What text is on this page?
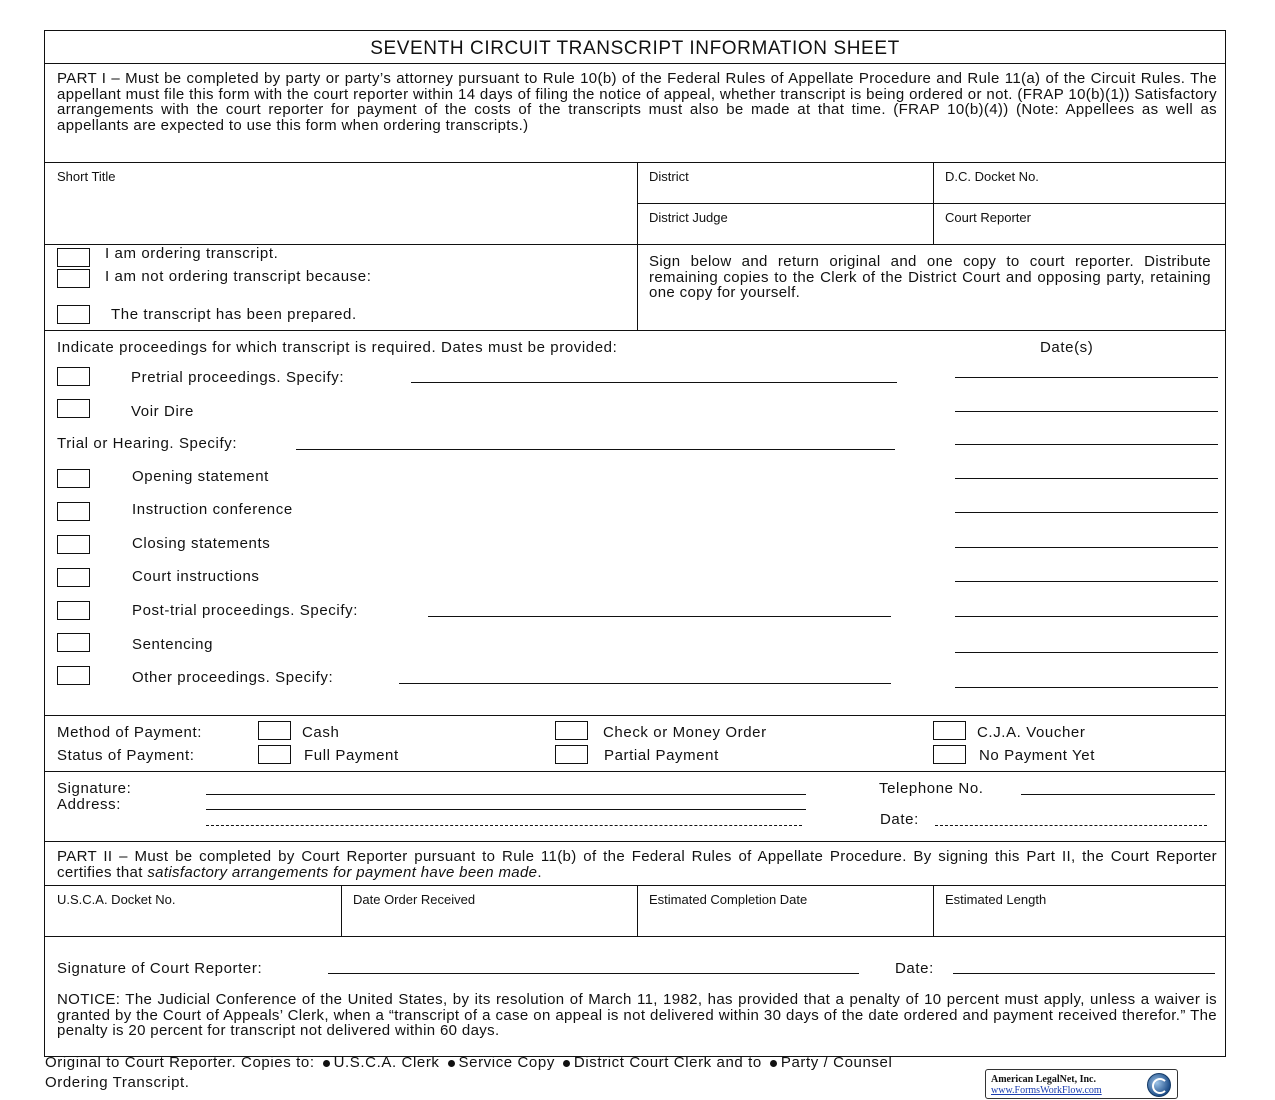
SEVENTH CIRCUIT TRANSCRIPT INFORMATION SHEET
PART I – Must be completed by party or party’s attorney pursuant to Rule 10(b) of the Federal Rules of Appellate Procedure and Rule 11(a) of the Circuit Rules. The appellant must file this form with the court reporter within 14 days of filing the notice of appeal, whether transcript is being ordered or not. (FRAP 10(b)(1)) Satisfactory arrangements with the court reporter for payment of the costs of the transcripts must also be made at that time. (FRAP 10(b)(4)) (Note: Appellees as well as appellants are expected to use this form when ordering transcripts.)
Short Title	District	D.C. Docket No.
District Judge	Court Reporter
I am ordering transcript.
I am not ordering transcript because:
The transcript has been prepared.
Sign below and return original and one copy to court reporter. Distribute remaining copies to the Clerk of the District Court and opposing party, retaining one copy for yourself.
Indicate proceedings for which transcript is required. Dates must be provided:	Date(s)
Pretrial proceedings. Specify:
Voir Dire
Trial or Hearing. Specify:
Opening statement
Instruction conference
Closing statements
Court instructions
Post-trial proceedings. Specify:
Sentencing
Other proceedings. Specify:
Method of Payment:	Cash	Check or Money Order	C.J.A. Voucher
Status of Payment:	Full Payment	Partial Payment	No Payment Yet
Signature:
Address:
Telephone No.
Date:
PART II – Must be completed by Court Reporter pursuant to Rule 11(b) of the Federal Rules of Appellate Procedure. By signing this Part II, the Court Reporter certifies that satisfactory arrangements for payment have been made.
U.S.C.A. Docket No.	Date Order Received	Estimated Completion Date	Estimated Length
Signature of Court Reporter:	Date:
NOTICE: The Judicial Conference of the United States, by its resolution of March 11, 1982, has provided that a penalty of 10 percent must apply, unless a waiver is granted by the Court of Appeals’ Clerk, when a “transcript of a case on appeal is not delivered within 30 days of the date ordered and payment received therefor.” The penalty is 20 percent for transcript not delivered within 60 days.
Original to Court Reporter. Copies to: U.S.C.A. Clerk Service Copy District Court Clerk and to Party / Counsel
Ordering Transcript.	American LegalNet, Inc.
www.FormsWorkFlow.com
